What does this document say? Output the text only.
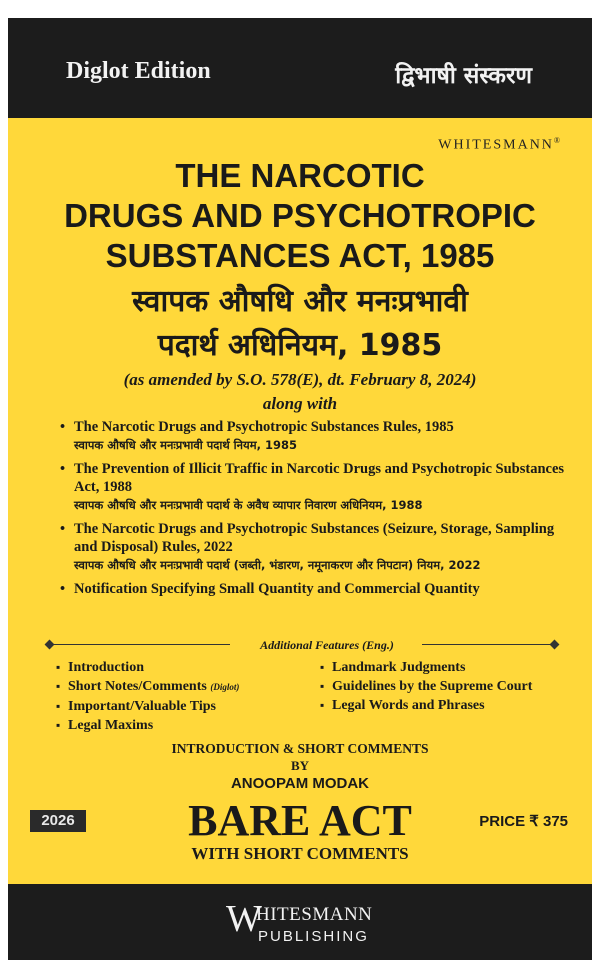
Diglot Edition	द्विभाषी संस्करण
WHITESMANN®
THE NARCOTIC
DRUGS AND PSYCHOTROPIC
SUBSTANCES ACT, 1985
स्वापक औषधि और मनःप्रभावी
पदार्थ अधिनियम, 1985
(as amended by S.O. 578(E), dt. February 8, 2024)
along with
• The Narcotic Drugs and Psychotropic Substances Rules, 1985
स्वापक औषधि और मनःप्रभावी पदार्थ नियम, 1985
• The Prevention of Illicit Traffic in Narcotic Drugs and Psychotropic Substances Act, 1988
स्वापक औषधि और मनःप्रभावी पदार्थ के अवैध व्यापार निवारण अधिनियम, 1988
• The Narcotic Drugs and Psychotropic Substances (Seizure, Storage, Sampling and Disposal) Rules, 2022
स्वापक औषधि और मनःप्रभावी पदार्थ (जब्ती, भंडारण, नमूनाकरण और निपटान) नियम, 2022
• Notification Specifying Small Quantity and Commercial Quantity
Additional Features (Eng.)
▪ Introduction
▪ Short Notes/Comments (Diglot)
▪ Important/Valuable Tips
▪ Legal Maxims
▪ Landmark Judgments
▪ Guidelines by the Supreme Court
▪ Legal Words and Phrases
INTRODUCTION & SHORT COMMENTS
BY
ANOOPAM MODAK
2026	BARE ACT	PRICE ₹ 375
WITH SHORT COMMENTS
W
HITESMANN
PUBLISHING
